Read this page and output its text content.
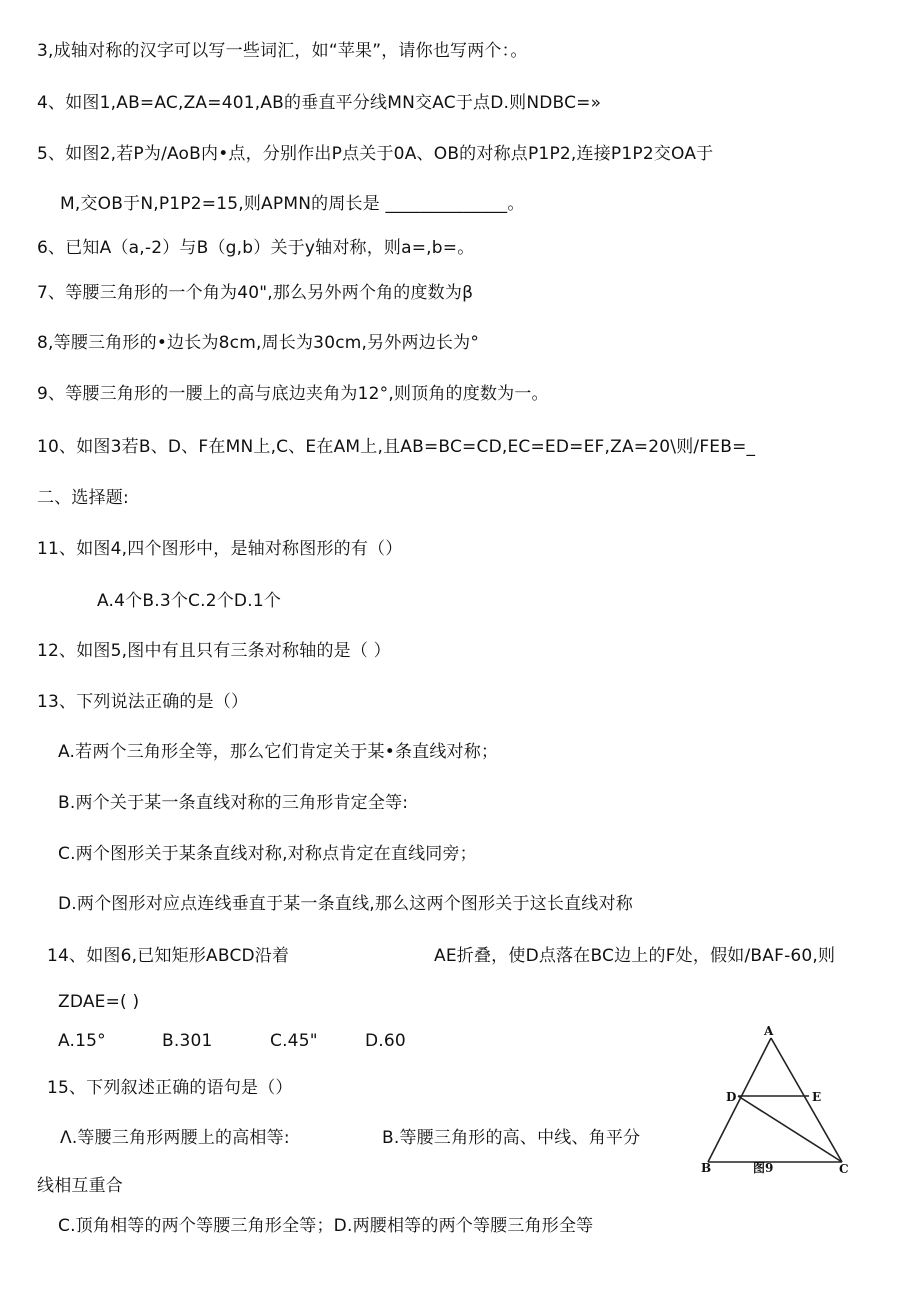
3,成轴对称的汉字可以写一些词汇，如“苹果”，请你也写两个：。
4、如图1,AB=AC,ZA=401,AB的垂直平分线MN交AC于点D.则NDBC=»
5、如图2,若P为/AoB内•点，分别作出P点关于0A、OB的对称点P1P2,连接P1P2交OA于
M,交OB于N,P1P2=15,则APMN的周长是 ______________。
6、已知A（a,-2）与B（g,b）关于y轴对称，则a=,b=。
7、等腰三角形的一个角为40",那么另外两个角的度数为β
8,等腰三角形的•边长为8cm,周长为30cm,另外两边长为°
9、等腰三角形的一腰上的高与底边夹角为12°,则顶角的度数为一。
10、如图3若B、D、F在MN上,C、E在AM上,且AB=BC=CD,EC=ED=EF,ZA=20\则/FEB=_
二、选择题:
11、如图4,四个图形中，是轴对称图形的有（）
A.4个B.3个C.2个D.1个
12、如图5,图中有且只有三条对称轴的是（ ）
13、下列说法正确的是（）
A.若两个三角形全等，那么它们肯定关于某•条直线对称；
B.两个关于某一条直线对称的三角形肯定全等:
C.两个图形关于某条直线对称,对称点肯定在直线同旁；
D.两个图形对应点连线垂直于某一条直线,那么这两个图形关于这长直线对称
14、如图6,已知矩形ABCD沿着	AE折叠，使D点落在BC边上的F处，假如/BAF-60,则
ZDAE=( )
A.15°	B.301	C.45"	D.60
15、下列叙述正确的语句是（）
Λ.等腰三角形两腰上的高相等:	B.等腰三角形的高、中线、角平分
线相互重合
C.顶角相等的两个等腰三角形全等；D.两腰相等的两个等腰三角形全等
A
D	E
B	C
图9
